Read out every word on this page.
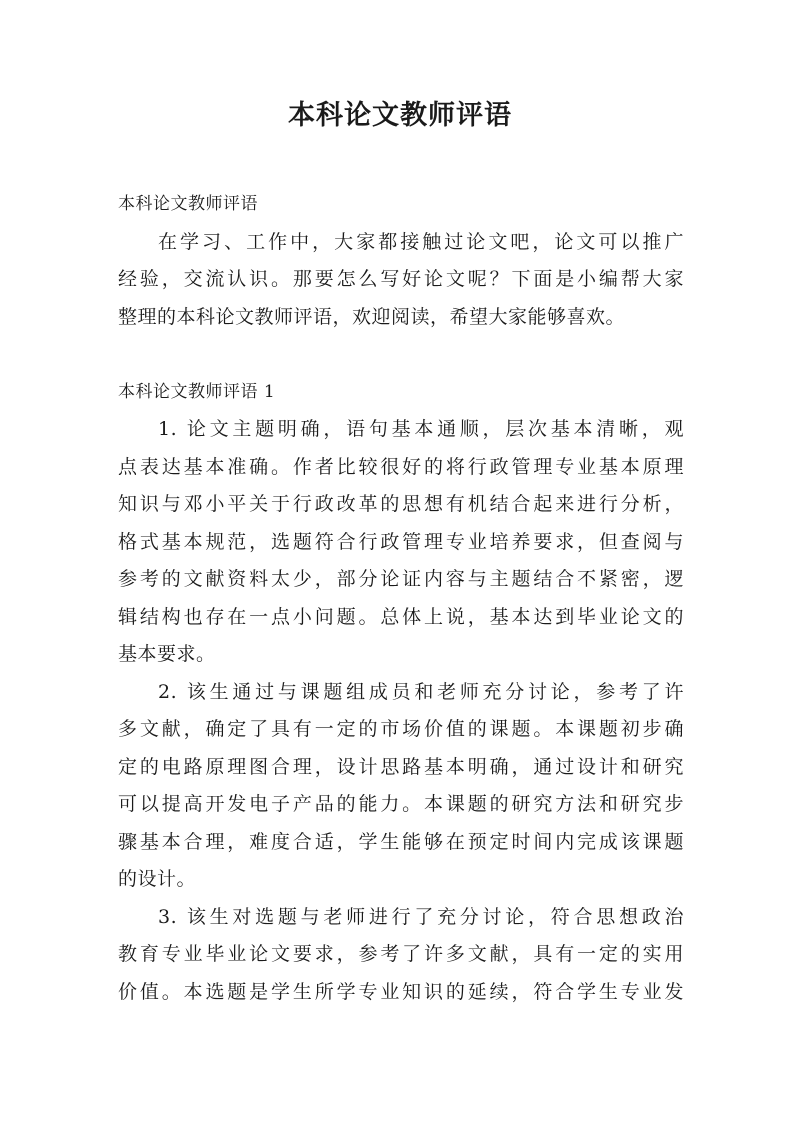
本科论文教师评语
本科论文教师评语
在学习、工作中，大家都接触过论文吧，论文可以推广
经验，交流认识。那要怎么写好论文呢？下面是小编帮大家
整理的本科论文教师评语，欢迎阅读，希望大家能够喜欢。
本科论文教师评语 1
1. 论文主题明确，语句基本通顺，层次基本清晰，观
点表达基本准确。作者比较很好的将行政管理专业基本原理
知识与邓小平关于行政改革的思想有机结合起来进行分析，
格式基本规范，选题符合行政管理专业培养要求，但查阅与
参考的文献资料太少，部分论证内容与主题结合不紧密，逻
辑结构也存在一点小问题。总体上说，基本达到毕业论文的
基本要求。
2. 该生通过与课题组成员和老师充分讨论，参考了许
多文献，确定了具有一定的市场价值的课题。本课题初步确
定的电路原理图合理，设计思路基本明确，通过设计和研究
可以提高开发电子产品的能力。本课题的研究方法和研究步
骤基本合理，难度合适，学生能够在预定时间内完成该课题
的设计。
3. 该生对选题与老师进行了充分讨论，符合思想政治
教育专业毕业论文要求，参考了许多文献，具有一定的实用
价值。本选题是学生所学专业知识的延续，符合学生专业发
